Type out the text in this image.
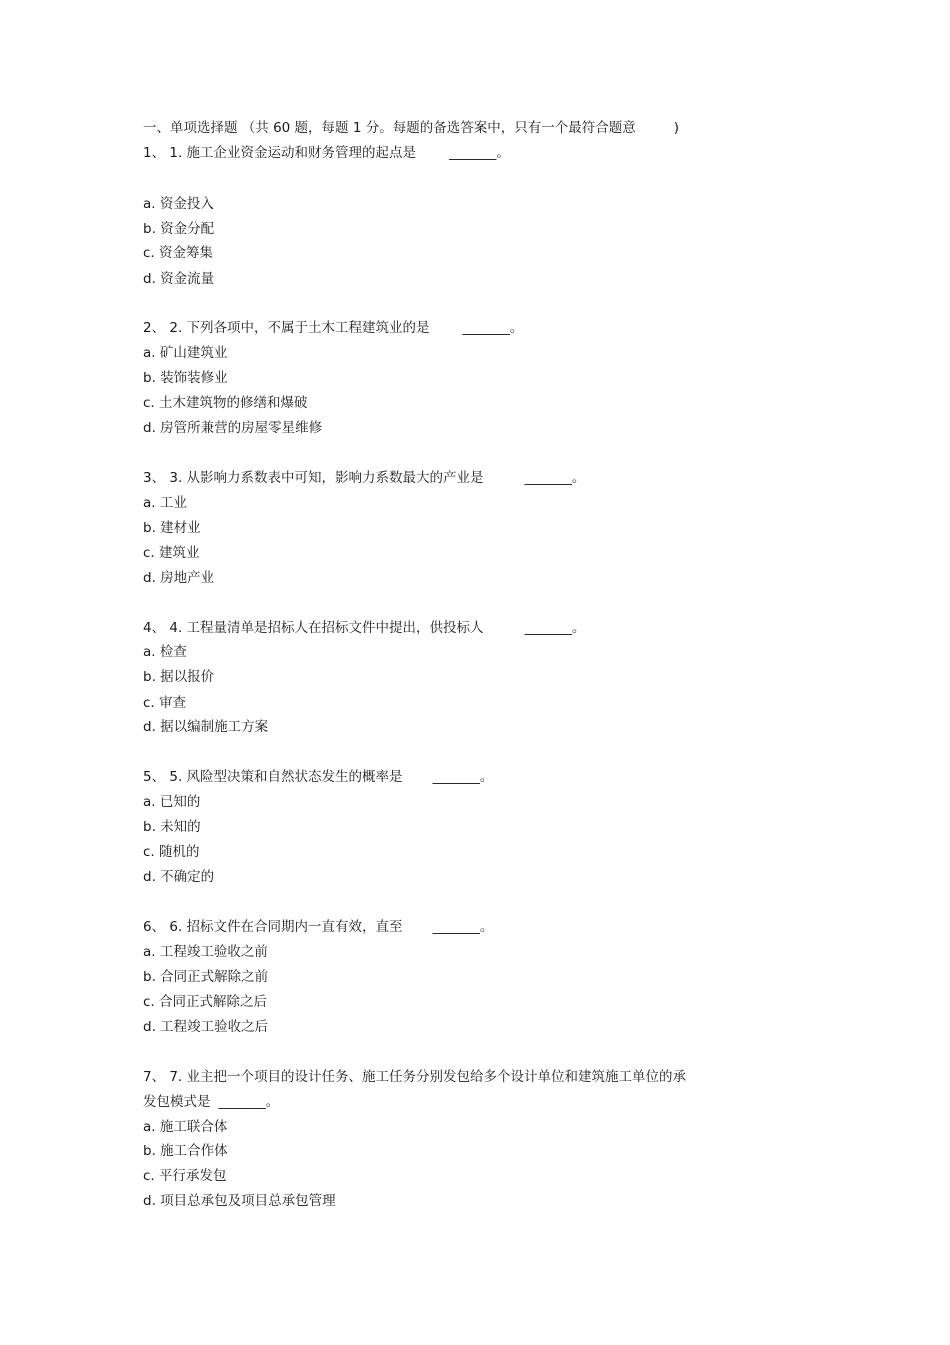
一、单项选择题 （共 60 题，每题 1 分。每题的备选答案中，只有一个最符合题意	)
1、 1. 施工企业资金运动和财务管理的起点是 _______。
a. 资金投入
b. 资金分配
c. 资金筹集
d. 资金流量
2、 2. 下列各项中，不属于土木工程建筑业的是 _______。
a. 矿山建筑业
b. 装饰装修业
c. 土木建筑物的修缮和爆破
d. 房管所兼营的房屋零星维修
3、 3. 从影响力系数表中可知，影响力系数最大的产业是	_______。
a. 工业
b. 建材业
c. 建筑业
d. 房地产业
4、 4. 工程量清单是招标人在招标文件中提出，供投标人	_______。
a. 检查
b. 据以报价
c. 审查
d. 据以编制施工方案
5、 5. 风险型决策和自然状态发生的概率是 _______。
a. 已知的
b. 未知的
c. 随机的
d. 不确定的
6、 6. 招标文件在合同期内一直有效，直至 _______。
a. 工程竣工验收之前
b. 合同正式解除之前
c. 合同正式解除之后
d. 工程竣工验收之后
7、 7. 业主把一个项目的设计任务、施工任务分别发包给多个设计单位和建筑施工单位的承
发包模式是 _______。
a. 施工联合体
b. 施工合作体
c. 平行承发包
d. 项目总承包及项目总承包管理
